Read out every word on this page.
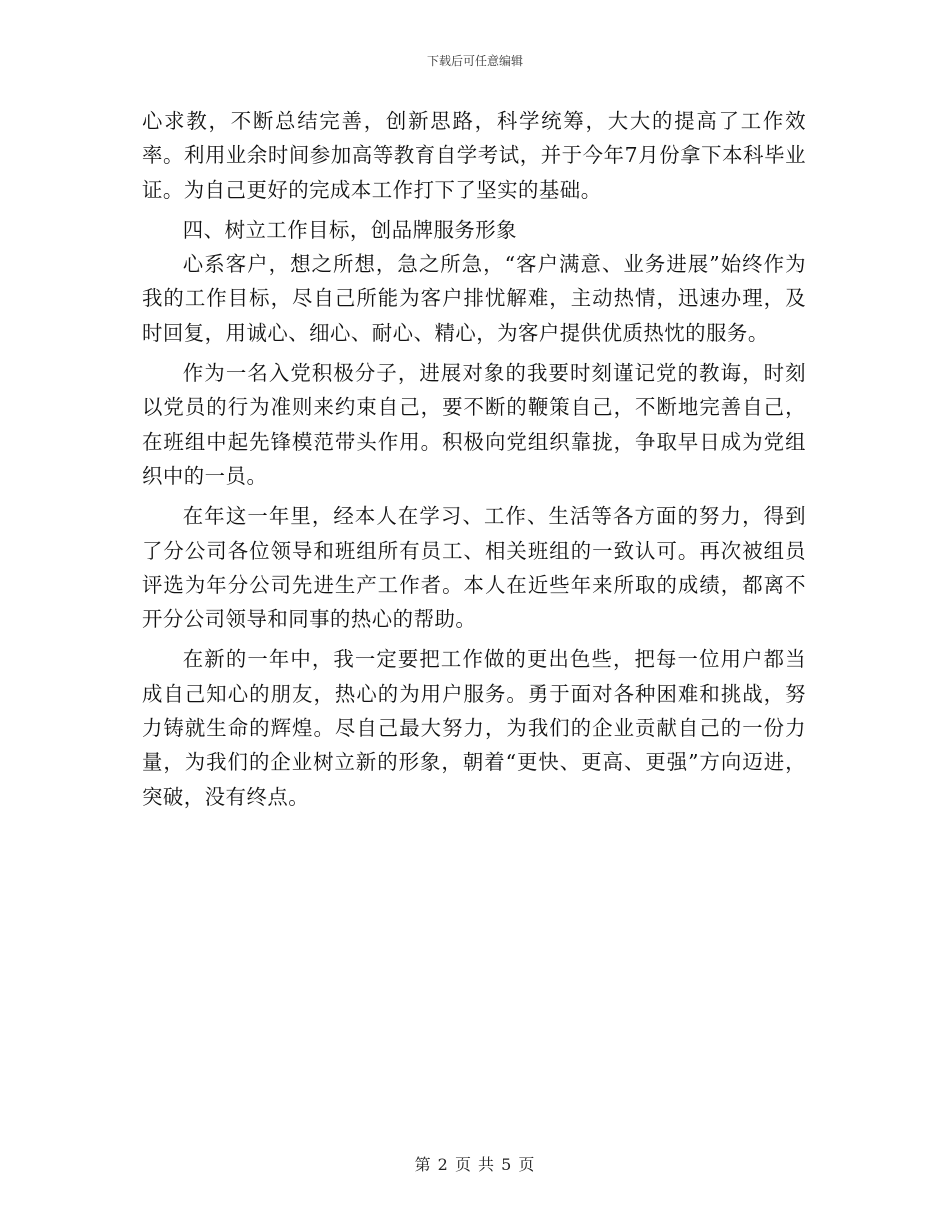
下载后可任意编辑

心求教，不断总结完善，创新思路，科学统筹，大大的提高了工作效率。利用业余时间参加高等教育自学考试，并于今年7月份拿下本科毕业证。为自己更好的完成本工作打下了坚实的基础。

四、树立工作目标，创品牌服务形象

心系客户，想之所想，急之所急，“客户满意、业务进展”始终作为我的工作目标，尽自己所能为客户排忧解难，主动热情，迅速办理，及时回复，用诚心、细心、耐心、精心，为客户提供优质热忱的服务。

作为一名入党积极分子，进展对象的我要时刻谨记党的教诲，时刻以党员的行为准则来约束自己，要不断的鞭策自己，不断地完善自己，在班组中起先锋模范带头作用。积极向党组织靠拢，争取早日成为党组织中的一员。

在年这一年里，经本人在学习、工作、生活等各方面的努力，得到了分公司各位领导和班组所有员工、相关班组的一致认可。再次被组员评选为年分公司先进生产工作者。本人在近些年来所取的成绩，都离不开分公司领导和同事的热心的帮助。

在新的一年中，我一定要把工作做的更出色些，把每一位用户都当成自己知心的朋友，热心的为用户服务。勇于面对各种困难和挑战，努力铸就生命的辉煌。尽自己最大努力，为我们的企业贡献自己的一份力量，为我们的企业树立新的形象，朝着“更快、更高、更强”方向迈进，突破，没有终点。

第 2 页 共 5 页
